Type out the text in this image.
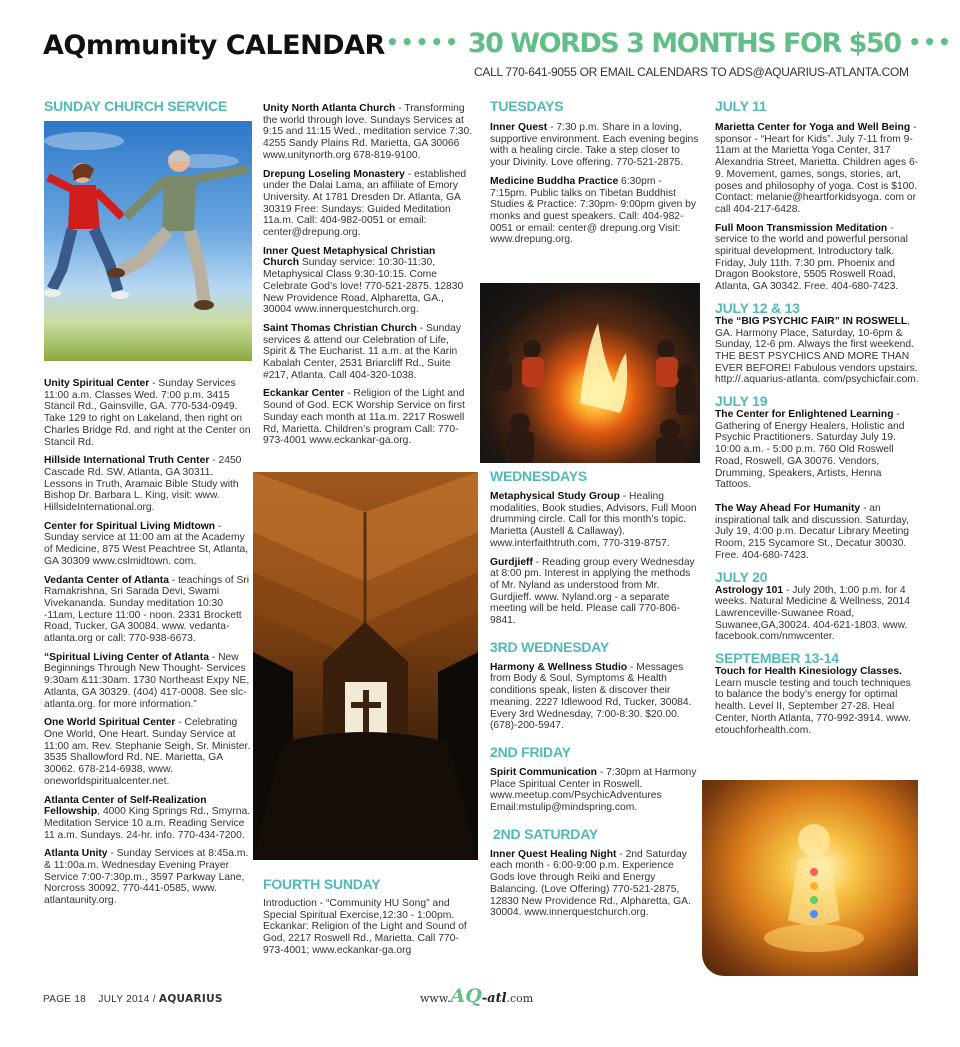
AQmmunity CALENDAR ••••• 30 WORDS 3 MONTHS FOR $50 •••
CALL 770-641-9055 OR EMAIL CALENDARS TO ADS@AQUARIUS-ATLANTA.COM
SUNDAY CHURCH SERVICE
Unity Spiritual Center - Sunday Services 11:00 a.m. Classes Wed. 7:00 p.m. 3415 Stancil Rd., Gainsville, GA. 770-534-0949. Take 129 to right on Lakeland, then right on Charles Bridge Rd. and right at the Center on Stancil Rd.
Hillside International Truth Center - 2450 Cascade Rd. SW, Atlanta, GA 30311. Lessons in Truth, Aramaic Bible Study with Bishop Dr. Barbara L. King, visit: www. HillsideInternational.org.
Center for Spiritual Living Midtown - Sunday service at 11:00 am at the Academy of Medicine, 875 West Peachtree St, Atlanta, GA 30309 www.cslmidtown. com.
Vedanta Center of Atlanta - teachings of Sri Ramakrishna, Sri Sarada Devi, Swami Vivekananda. Sunday meditation 10:30 -11am, Lecture 11:00 - noon. 2331 Brockett Road, Tucker, GA 30084. www. vedanta-atlanta.org or call: 770-938-6673.
“Spiritual Living Center of Atlanta - New Beginnings Through New Thought- Services 9:30am &11:30am. 1730 Northeast Expy NE, Atlanta, GA 30329. (404) 417-0008. See slc-atlanta.org. for more information.”
One World Spiritual Center - Celebrating One World, One Heart. Sunday Service at 11:00 am. Rev. Stephanie Seigh, Sr. Minister. 3535 Shallowford Rd. NE. Marietta, GA 30062. 678-214-6938, www. oneworldspiritualcenter.net.
Atlanta Center of Self-Realization Fellowship, 4000 King Springs Rd., Smyrna. Meditation Service 10 a.m. Reading Service 11 a.m. Sundays. 24-hr. info. 770-434-7200.
Atlanta Unity - Sunday Services at 8:45a.m. & 11:00a.m. Wednesday Evening Prayer Service 7:00-7:30p.m., 3597 Parkway Lane, Norcross 30092, 770-441-0585, www. atlantaunity.org.
Unity North Atlanta Church - Transforming the world through love. Sundays Services at 9:15 and 11:15 Wed., meditation service 7:30. 4255 Sandy Plains Rd. Marietta, GA 30066 www.unitynorth.org 678-819-9100.
Drepung Loseling Monastery - established under the Dalai Lama, an affiliate of Emory University. At 1781 Dresden Dr. Atlanta, GA 30319 Free: Sundays: Guided Meditation 11a.m. Call: 404-982-0051 or email: center@drepung.org.
Inner Quest Metaphysical Christian Church Sunday service: 10:30-11:30, Metaphysical Class 9:30-10:15. Come Celebrate God’s love! 770-521-2875. 12830 New Providence Road, Alpharetta, GA., 30004 www.innerquestchurch.org.
Saint Thomas Christian Church - Sunday services & attend our Celebration of Life, Spirit & The Eucharist. 11 a.m. at the Karin Kabalah Center, 2531 Briarcliff Rd., Suite #217, Atlanta. Call 404-320-1038.
Eckankar Center - Religion of the Light and Sound of God. ECK Worship Service on first Sunday each month at 11a.m. 2217 Roswell Rd, Marietta. Children’s program Call: 770-973-4001 www.eckankar-ga.org.
FOURTH SUNDAY
Introduction - “Community HU Song” and Special Spiritual Exercise,12:30 - 1:00pm. Eckankar: Religion of the Light and Sound of God, 2217 Roswell Rd., Marietta. Call 770-973-4001; www.eckankar-ga.org
TUESDAYS
Inner Quest - 7:30 p.m. Share in a loving, supportive environment. Each evening begins with a healing circle. Take a step closer to your Divinity. Love offering. 770-521-2875.
Medicine Buddha Practice 6:30pm - 7:15pm. Public talks on Tibetan Buddhist Studies & Practice: 7:30pm- 9:00pm given by monks and guest speakers. Call: 404-982-0051 or email: center@ drepung.org Visit: www.drepung.org.
WEDNESDAYS
Metaphysical Study Group - Healing modalities, Book studies, Advisors, Full Moon drumming circle. Call for this month’s topic. Marietta (Austell & Callaway). www.interfaithtruth.com, 770-319-8757.
Gurdjieff - Reading group every Wednesday at 8:00 pm. Interest in applying the methods of Mr. Nyland as understood from Mr. Gurdjieff. www. Nyland.org - a separate meeting will be held. Please call 770-806-9841.
3RD WEDNESDAY
Harmony & Wellness Studio - Messages from Body & Soul. Symptoms & Health conditions speak, listen & discover their meaning. 2227 Idlewood Rd, Tucker, 30084. Every 3rd Wednesday, 7:00-8:30. $20.00. (678)-200-5947.
2ND FRIDAY
Spirit Communication - 7:30pm at Harmony Place Spiritual Center in Roswell. www.meetup.com/PsychicAdventures Email:mstulip@mindspring.com.
2ND SATURDAY
Inner Quest Healing Night - 2nd Saturday each month - 6:00-9:00 p.m. Experience Gods love through Reiki and Energy Balancing. (Love Offering) 770-521-2875, 12830 New Providence Rd., Alpharetta, GA. 30004. www.innerquestchurch.org.
JULY 11
Marietta Center for Yoga and Well Being - sponsor - “Heart for Kids”. July 7-11 from 9-11am at the Marietta Yoga Center, 317 Alexandria Street, Marietta. Children ages 6-9. Movement, games, songs, stories, art, poses and philosophy of yoga. Cost is $100. Contact: melanie@heartforkidsyoga. com or call 404-217-6428.
Full Moon Transmission Meditation - service to the world and powerful personal spiritual development. Introductory talk. Friday, July 11th. 7:30 pm. Phoenix and Dragon Bookstore, 5505 Roswell Road, Atlanta, GA 30342. Free. 404-680-7423.
JULY 12 & 13
The “BIG PSYCHIC FAIR” IN ROSWELL, GA. Harmony Place, Saturday, 10-6pm & Sunday, 12-6 pm. Always the first weekend. THE BEST PSYCHICS AND MORE THAN EVER BEFORE! Fabulous vendors upstairs. http://.aquarius-atlanta. com/psychicfair.com.
JULY 19
The Center for Enlightened Learning - Gathering of Energy Healers, Holistic and Psychic Practitioners. Saturday July 19. 10:00 a.m. - 5:00 p.m. 760 Old Roswell Road, Roswell, GA 30076. Vendors, Drumming, Speakers, Artists, Henna Tattoos.
The Way Ahead For Humanity - an inspirational talk and discussion. Saturday, July 19, 4:00 p.m. Decatur Library Meeting Room, 215 Sycamore St., Decatur 30030. Free. 404-680-7423.
JULY 20
Astrology 101 - July 20th, 1:00 p.m. for 4 weeks. Natural Medicine & Wellness, 2014 Lawrenceville-Suwanee Road, Suwanee,GA,30024. 404-621-1803. www. facebook.com/nmwcenter.
SEPTEMBER 13-14
Touch for Health Kinesiology Classes. Learn muscle testing and touch techniques to balance the body’s energy for optimal health. Level II, September 27-28. Heal Center, North Atlanta, 770-992-3914. www. etouchforhealth.com.
PAGE 18 JULY 2014 / AQUARIUS	www.AQ-atl.com
